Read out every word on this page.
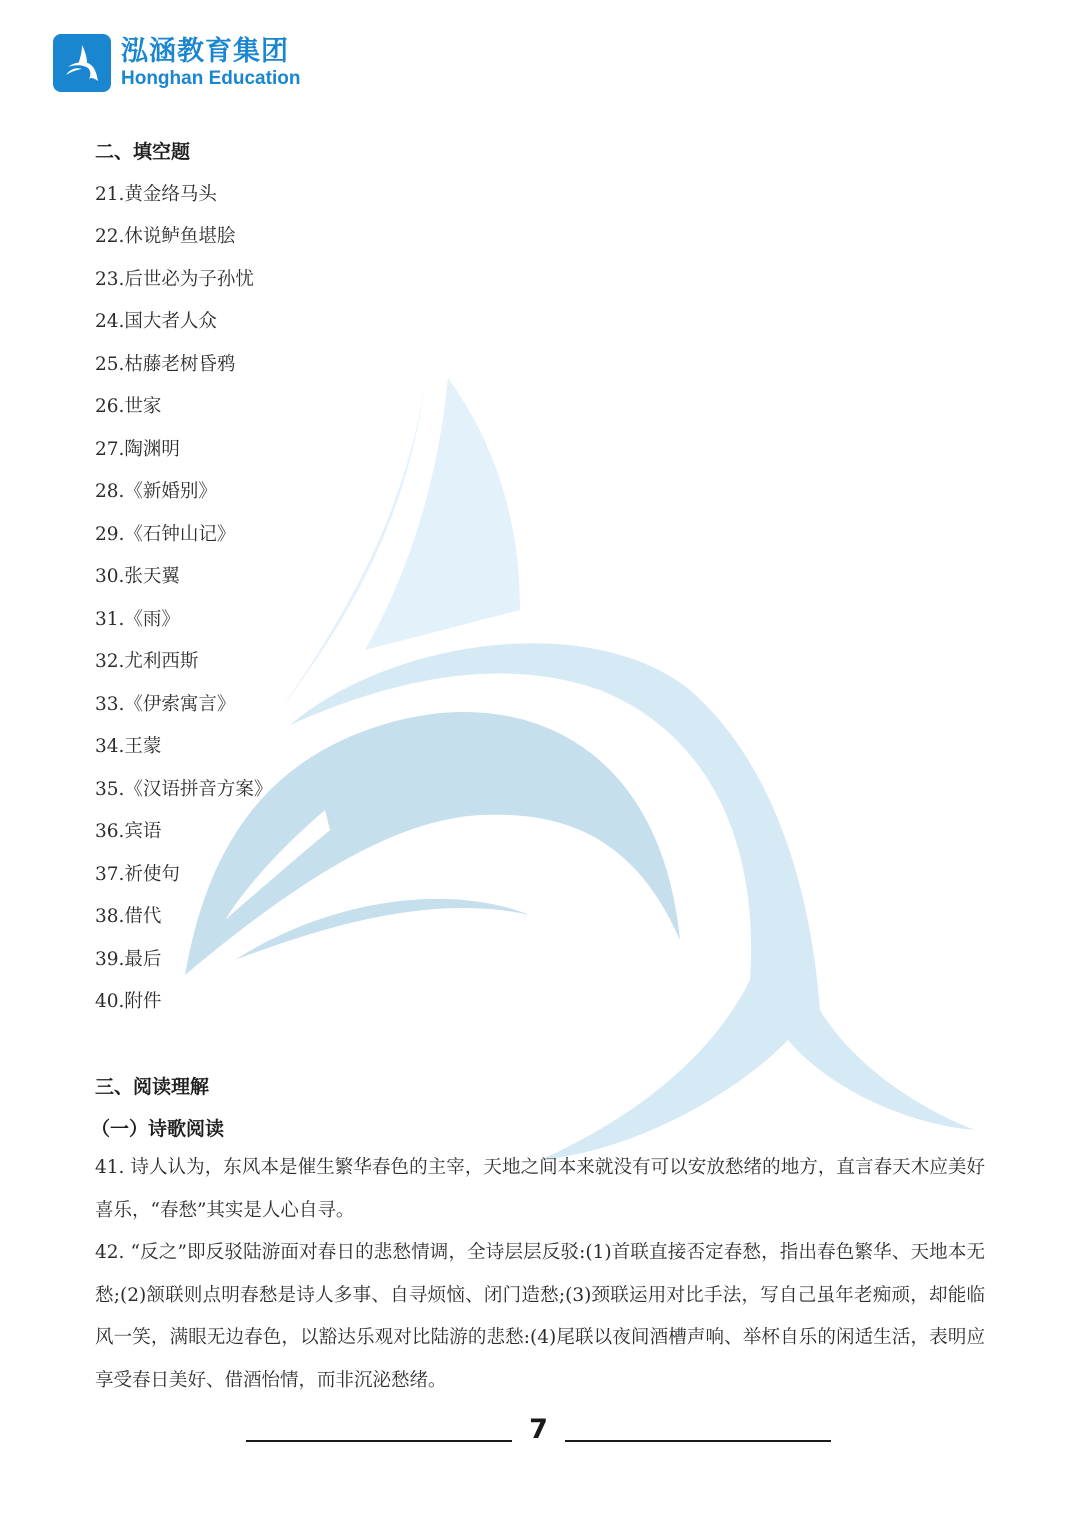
泓涵教育集团
Honghan Education
二、填空题
21.黄金络马头
22.休说鲈鱼堪脍
23.后世必为子孙忧
24.国大者人众
25.枯藤老树昏鸦
26.世家
27.陶渊明
28.《新婚别》
29.《石钟山记》
30.张天翼
31.《雨》
32.尤利西斯
33.《伊索寓言》
34.王蒙
35.《汉语拼音方案》
36.宾语
37.祈使句
38.借代
39.最后
40.附件
三、阅读理解
（一）诗歌阅读
41. 诗人认为，东风本是催生繁华春色的主宰，天地之间本来就没有可以安放愁绪的地方，直言春天木应美好喜乐，“春愁”其实是人心自寻。
42. “反之”即反驳陆游面对春日的悲愁情调，全诗层层反驳:(1)首联直接否定春愁，指出春色繁华、天地本无愁;(2)颔联则点明春愁是诗人多事、自寻烦恼、闭门造愁;(3)颈联运用对比手法，写自己虽年老痴顽，却能临风一笑，满眼无边春色，以豁达乐观对比陆游的悲愁:(4)尾联以夜间酒槽声响、举杯自乐的闲适生活，表明应享受春日美好、借酒怡情，而非沉泌愁绪。
7
